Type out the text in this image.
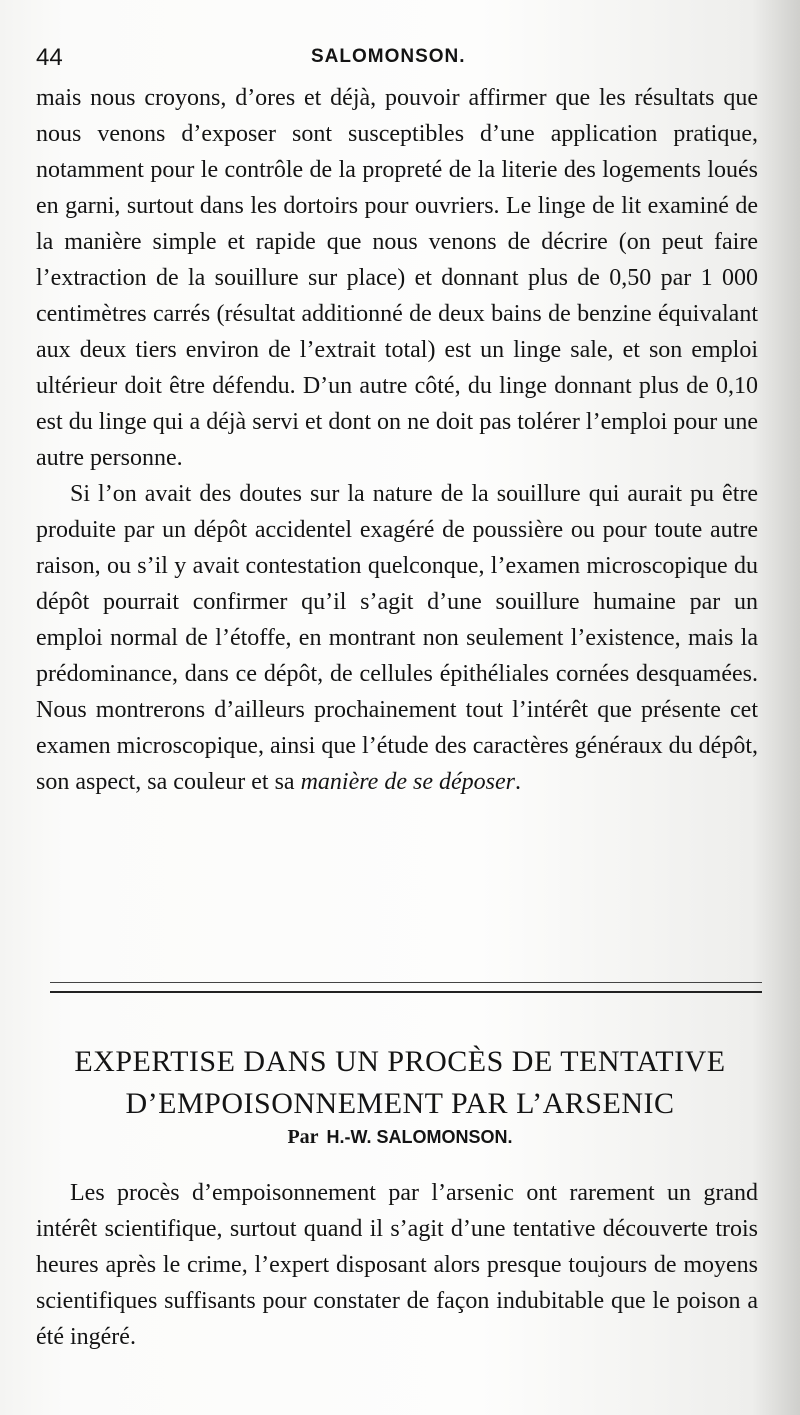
44	SALOMONSON.

mais nous croyons, d’ores et déjà, pouvoir affirmer que les résultats que nous venons d’exposer sont susceptibles d’une application pratique, notamment pour le contrôle de la propreté de la literie des logements loués en garni, surtout dans les dortoirs pour ouvriers. Le linge de lit examiné de la manière simple et rapide que nous venons de décrire (on peut faire l’extraction de la souillure sur place) et donnant plus de 0,50 par 1 000 centimètres carrés (résultat additionné de deux bains de benzine équivalant aux deux tiers environ de l’extrait total) est un linge sale, et son emploi ultérieur doit être défendu. D’un autre côté, du linge donnant plus de 0,10 est du linge qui a déjà servi et dont on ne doit pas tolérer l’emploi pour une autre personne.

Si l’on avait des doutes sur la nature de la souillure qui aurait pu être produite par un dépôt accidentel exagéré de poussière ou pour toute autre raison, ou s’il y avait contestation quelconque, l’examen microscopique du dépôt pourrait confirmer qu’il s’agit d’une souillure humaine par un emploi normal de l’étoffe, en montrant non seulement l’existence, mais la prédominance, dans ce dépôt, de cellules épithéliales cornées desquamées. Nous montrerons d’ailleurs prochainement tout l’intérêt que présente cet examen microscopique, ainsi que l’étude des caractères généraux du dépôt, son aspect, sa couleur et sa manière de se déposer.

EXPERTISE DANS UN PROCÈS DE TENTATIVE
D’EMPOISONNEMENT PAR L’ARSENIC
Par H.-W. SALOMONSON.

Les procès d’empoisonnement par l’arsenic ont rarement un grand intérêt scientifique, surtout quand il s’agit d’une tentative découverte trois heures après le crime, l’expert disposant alors presque toujours de moyens scientifiques suffisants pour constater de façon indubitable que le poison a été ingéré.
